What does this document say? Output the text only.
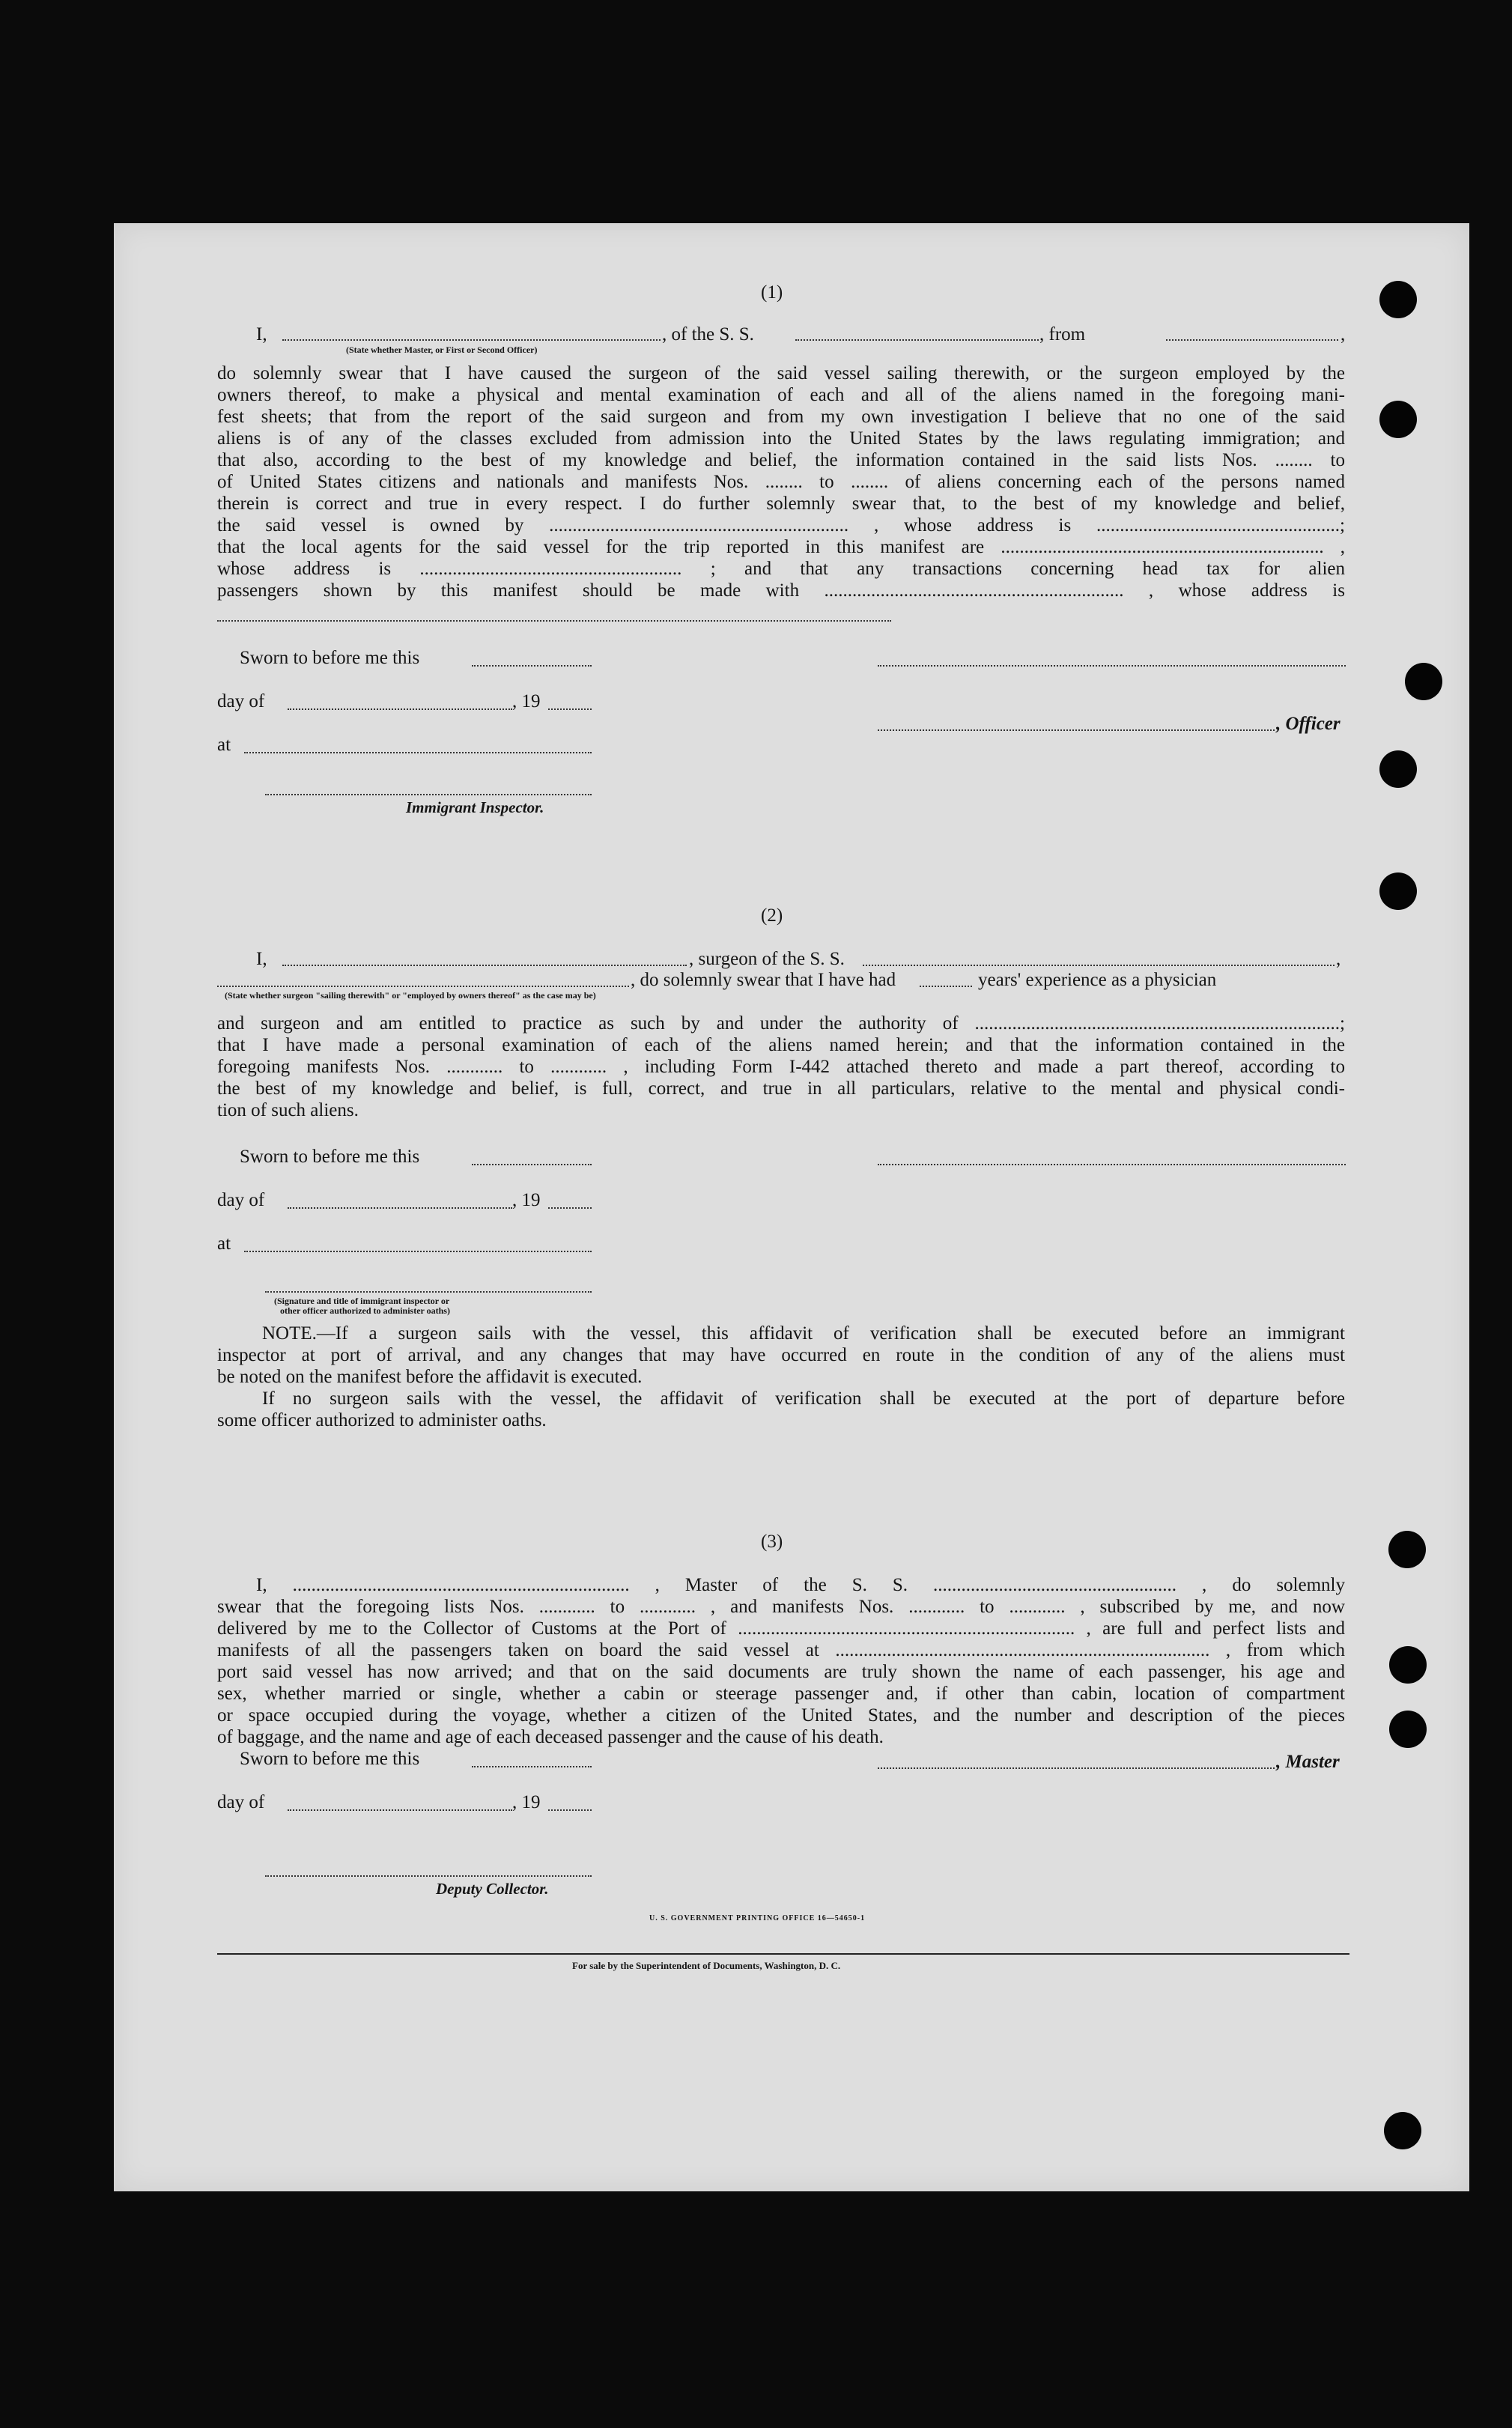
(1)
I,	, of the S. S.	, from	,
(State whether Master, or First or Second Officer)
do solemnly swear that I have caused the surgeon of the said vessel sailing therewith, or the surgeon employed by the
owners thereof, to make a physical and mental examination of each and all of the aliens named in the foregoing mani-
fest sheets; that from the report of the said surgeon and from my own investigation I believe that no one of the said
aliens is of any of the classes excluded from admission into the United States by the laws regulating immigration; and
that also, according to the best of my knowledge and belief, the information contained in the said lists Nos. ........ to
of United States citizens and nationals and manifests Nos. ........ to ........ of aliens concerning each of the persons named
therein is correct and true in every respect. I do further solemnly swear that, to the best of my knowledge and belief,
the said vessel is owned by ................................................................ , whose address is ....................................................;
that the local agents for the said vessel for the trip reported in this manifest are ..................................................................... ,
whose address is ........................................................ ; and that any transactions concerning head tax for alien
passengers shown by this manifest should be made with ................................................................ , whose address is
Sworn to before me this
day of	, 19
, Officer
at
Immigrant Inspector.
(2)
I,	, surgeon of the S. S.	,
, do solemnly swear that I have had	years' experience as a physician
(State whether surgeon "sailing therewith" or "employed by owners thereof" as the case may be)
and surgeon and am entitled to practice as such by and under the authority of ..............................................................................;
that I have made a personal examination of each of the aliens named herein; and that the information contained in the
foregoing manifests Nos. ............ to ............ , including Form I-442 attached thereto and made a part thereof, according to
the best of my knowledge and belief, is full, correct, and true in all particulars, relative to the mental and physical condi-
tion of such aliens.
Sworn to before me this
day of	, 19
at
(Signature and title of immigrant inspector or
other officer authorized to administer oaths)
NOTE.—If a surgeon sails with the vessel, this affidavit of verification shall be executed before an immigrant
inspector at port of arrival, and any changes that may have occurred en route in the condition of any of the aliens must
be noted on the manifest before the affidavit is executed.
If no surgeon sails with the vessel, the affidavit of verification shall be executed at the port of departure before
some officer authorized to administer oaths.
(3)
I, ........................................................................ , Master of the S. S. .................................................... , do solemnly
swear that the foregoing lists Nos. ............ to ............ , and manifests Nos. ............ to ............ , subscribed by me, and now
delivered by me to the Collector of Customs at the Port of ........................................................................ , are full and perfect lists and
manifests of all the passengers taken on board the said vessel at ................................................................................ , from which
port said vessel has now arrived; and that on the said documents are truly shown the name of each passenger, his age and
sex, whether married or single, whether a cabin or steerage passenger and, if other than cabin, location of compartment
or space occupied during the voyage, whether a citizen of the United States, and the number and description of the pieces
of baggage, and the name and age of each deceased passenger and the cause of his death.
Sworn to before me this	, Master
day of	, 19
Deputy Collector.
U. S. GOVERNMENT PRINTING OFFICE 16—54650-1
For sale by the Superintendent of Documents, Washington, D. C.
